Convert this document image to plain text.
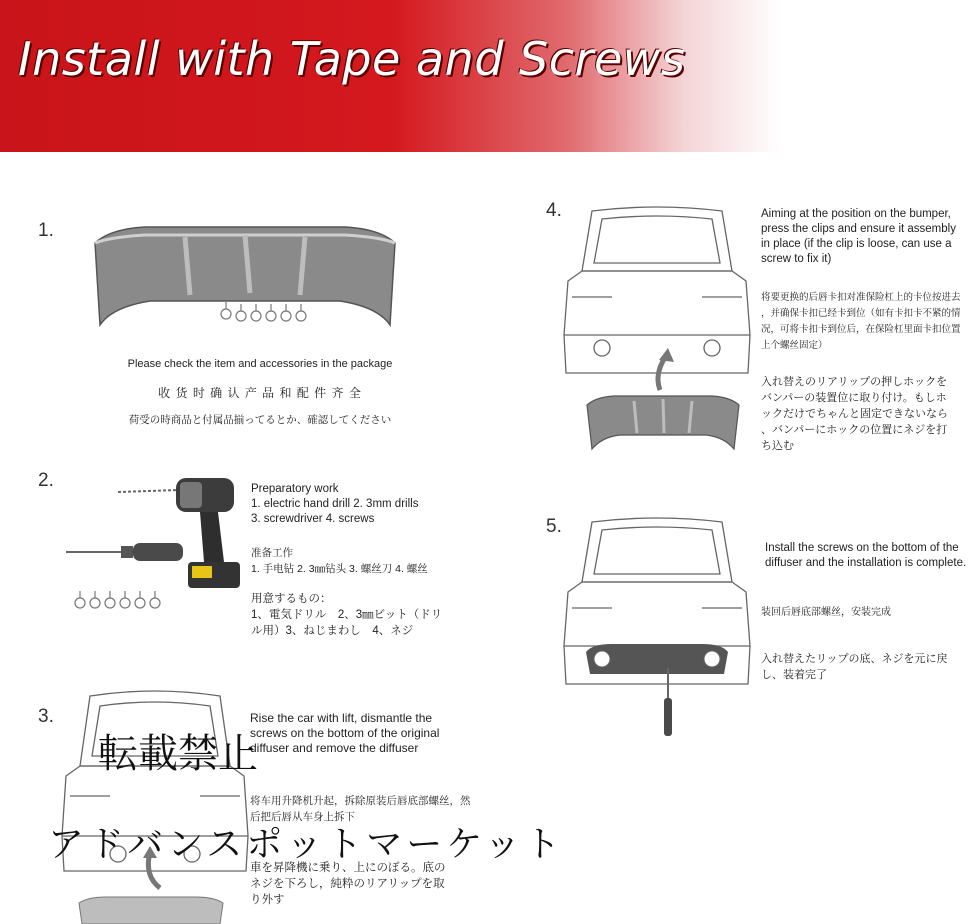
Install with Tape and Screws
1.
Please check the item and accessories in the package
收 货 时 确 认 产 品 和 配 件 齐 全
荷受の時商品と付属品揃ってるとか、確認してください
2.	Preparatory work
1. electric hand drill 2. 3mm drills
3. screwdriver 4. screws
准备工作
1. 手电钻 2. 3㎜钻头 3. 螺丝刀 4. 螺丝
用意するもの：
1、電気ドリル　2、3㎜ビット（ドリ
ル用）3、ねじまわし　4、ネジ
3.	Rise the car with lift, dismantle the
screws on the bottom of the original
diffuser and remove the diffuser
将车用升降机升起，拆除原装后唇底部螺丝，然
后把后唇从车身上拆下
車を昇降機に乗り、上にのぼる。底の
ネジを下ろし，純粋のリアリップを取
り外す
4.	Aiming at the position on the bumper,
press the clips and ensure it assembly
in place (if the clip is loose, can use a
screw to fix it)
将要更换的后唇卡扣对准保险杠上的卡位按进去
，并确保卡扣已经卡到位（如有卡扣卡不紧的情
况，可将卡扣卡到位后，在保险杠里面卡扣位置
上个螺丝固定）
入れ替えのリアリップの押しホックを
バンパーの装置位に取り付け。もしホ
ックだけでちゃんと固定できないなら
、バンパーにホックの位置にネジを打
ち込む
5.
Install the screws on the bottom of the
diffuser and the installation is complete.
装回后唇底部螺丝，安装完成
入れ替えたリップの底、ネジを元に戻
し、装着完了
転載禁止
アドバンスポットマーケット
